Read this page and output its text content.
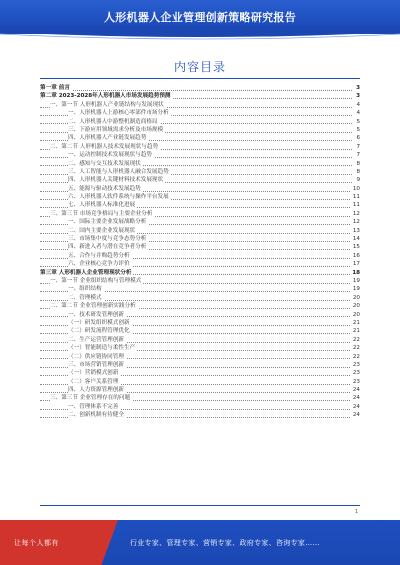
人形机器人企业管理创新策略研究报告
内容目录
第一章 前言	3
第二章 2023-2028年人形机器人市场发展趋势预测	3
一、第一节 人形机器人产业链结构与发展现状	4
一、人形机器人上游核心零部件市场分析	4
二、人形机器人中游整机制造商格局	5
三、下游应用领域需求分析及市场规模	5
四、人形机器人产业链发展趋势	6
二、第二节 人形机器人技术发展现状与趋势	7
一、运动控制技术发展现状与趋势	7
二、感知与交互技术发展现状	8
三、人工智能与人形机器人融合发展趋势	8
四、人形机器人关键材料技术发展现状	9
五、能源与驱动技术发展趋势	10
六、人形机器人软件系统与操作平台发展	11
七、人形机器人标准化进展	11
三、第三节 市场竞争格局与主要企业分析	12
一、国际主要企业发展战略分析	12
二、国内主要企业发展现状	13
三、市场集中度与竞争态势分析	14
四、新进入者与潜在竞争者分析	15
五、合作与并购趋势分析	16
六、企业核心竞争力评价	17
第三章 人形机器人企业管理现状分析	18
一、第一节 企业组织结构与管理模式	19
一、组织结构	19
二、管理模式	20
二、第二节 企业管理创新实践分析	20
一、技术研发管理创新	20
（一）研发组织模式创新	21
（二）研发流程管理优化	21
二、生产运营管理创新	22
（一）智能制造与柔性生产	22
（二）供应链协同管理	22
三、市场营销管理创新	23
（一）营销模式创新	23
（二）客户关系管理	23
四、人力资源管理创新	24
三、第三节 企业管理存在的问题	24
一、管理体系不完善	24
二、创新机制有待健全	24
1
让每个人都有	行业专家、管理专家、营销专家、政府专家、咨询专家……
